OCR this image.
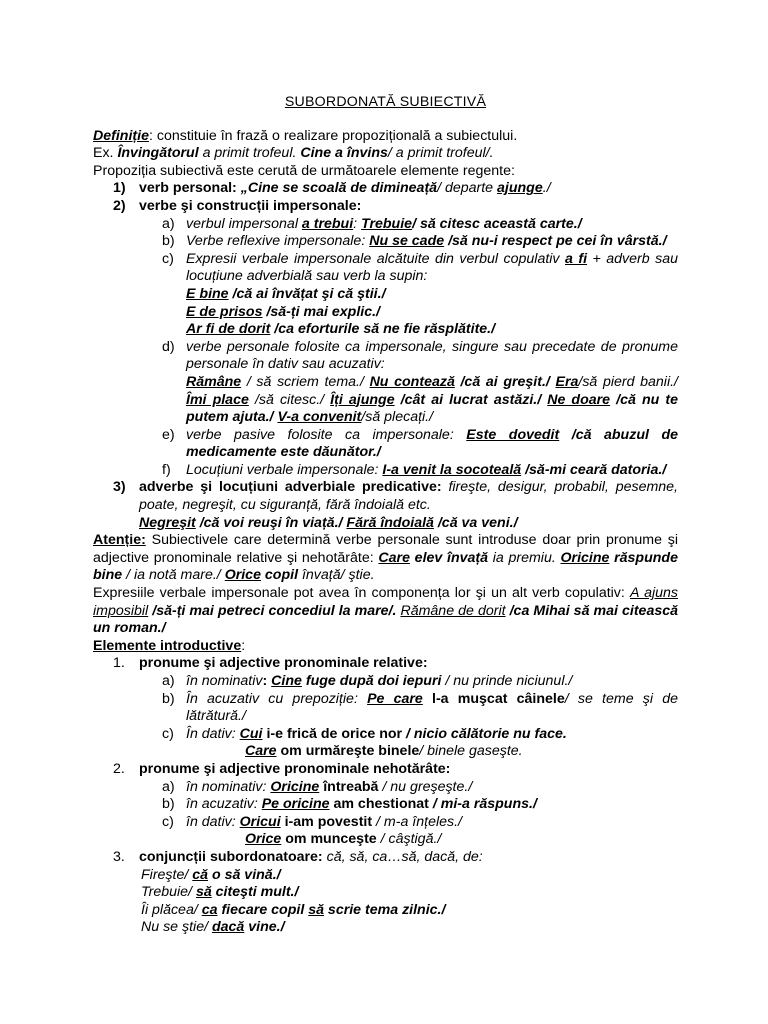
SUBORDONATĂ SUBIECTIVĂ

Definiție: constituie în frază o realizare propozițională a subiectului.

Ex. Învingătorul a primit trofeul. Cine a învins/ a primit trofeul/.

Propoziția subiectivă este cerută de următoarele elemente regente:

1) verb personal: „Cine se scoală de dimineață/ departe ajunge./
2) verbe şi construcții impersonale:
a) verbul impersonal a trebui: Trebuie/ să citesc această carte./
b) Verbe reflexive impersonale: Nu se cade /să nu-i respect pe cei în vârstă./
c) Expresii verbale impersonale alcătuite din verbul copulativ a fi + adverb sau locuțiune adverbială sau verb la supin:
E bine /că ai învățat şi că ştii./
E de prisos /să-ți mai explic./
Ar fi de dorit /ca eforturile să ne fie răsplătite./
d) verbe personale folosite ca impersonale, singure sau precedate de pronume personale în dativ sau acuzativ:
Rămâne / să scriem tema./ Nu contează /că ai greşit./ Era/să pierd banii./ Îmi place /să citesc./ Îți ajunge /cât ai lucrat astăzi./ Ne doare /că nu te putem ajuta./ V-a convenit/să plecați./
e) verbe pasive folosite ca impersonale: Este dovedit /că abuzul de medicamente este dăunător./
f) Locuțiuni verbale impersonale: I-a venit la socoteală /să-mi ceară datoria./
3) adverbe şi locuțiuni adverbiale predicative: fireşte, desigur, probabil, pesemne, poate, negreşit, cu siguranță, fără îndoială etc.
Negreşit /că voi reuşi în viață./ Fără îndoială /că va veni./
Atenție: Subiectivele care determină verbe personale sunt introduse doar prin pronume şi adjective pronominale relative şi nehotărâte: Care elev învață ia premiu. Oricine răspunde bine / ia notă mare./ Orice copil învață/ ştie.
Expresiile verbale impersonale pot avea în componența lor şi un alt verb copulativ: A ajuns imposibil /să-ți mai petreci concediul la mare/. Rămâne de dorit /ca Mihai să mai citească un roman./

Elemente introductive:

1. pronume şi adjective pronominale relative:
a) în nominativ: Cine fuge după doi iepuri / nu prinde niciunul./
b) În acuzativ cu prepoziție: Pe care l-a muşcat câinele/ se teme şi de lătrătură./
c) În dativ: Cui i-e frică de orice nor / nicio călătorie nu face.
Care om urmăreşte binele/ binele gaseşte.
2. pronume şi adjective pronominale nehotărâte:
a) în nominativ: Oricine întreabă / nu greşeşte./
b) în acuzativ: Pe oricine am chestionat / mi-a răspuns./
c) în dativ: Oricui i-am povestit / m-a înțeles./
Orice om munceşte / câştigă./
3. conjuncții subordonatoare: că, să, ca…să, dacă, de:
Fireşte/ că o să vină./
Trebuie/ să citeşti mult./
Îi plăcea/ ca fiecare copil să scrie tema zilnic./
Nu se ştie/ dacă vine./
